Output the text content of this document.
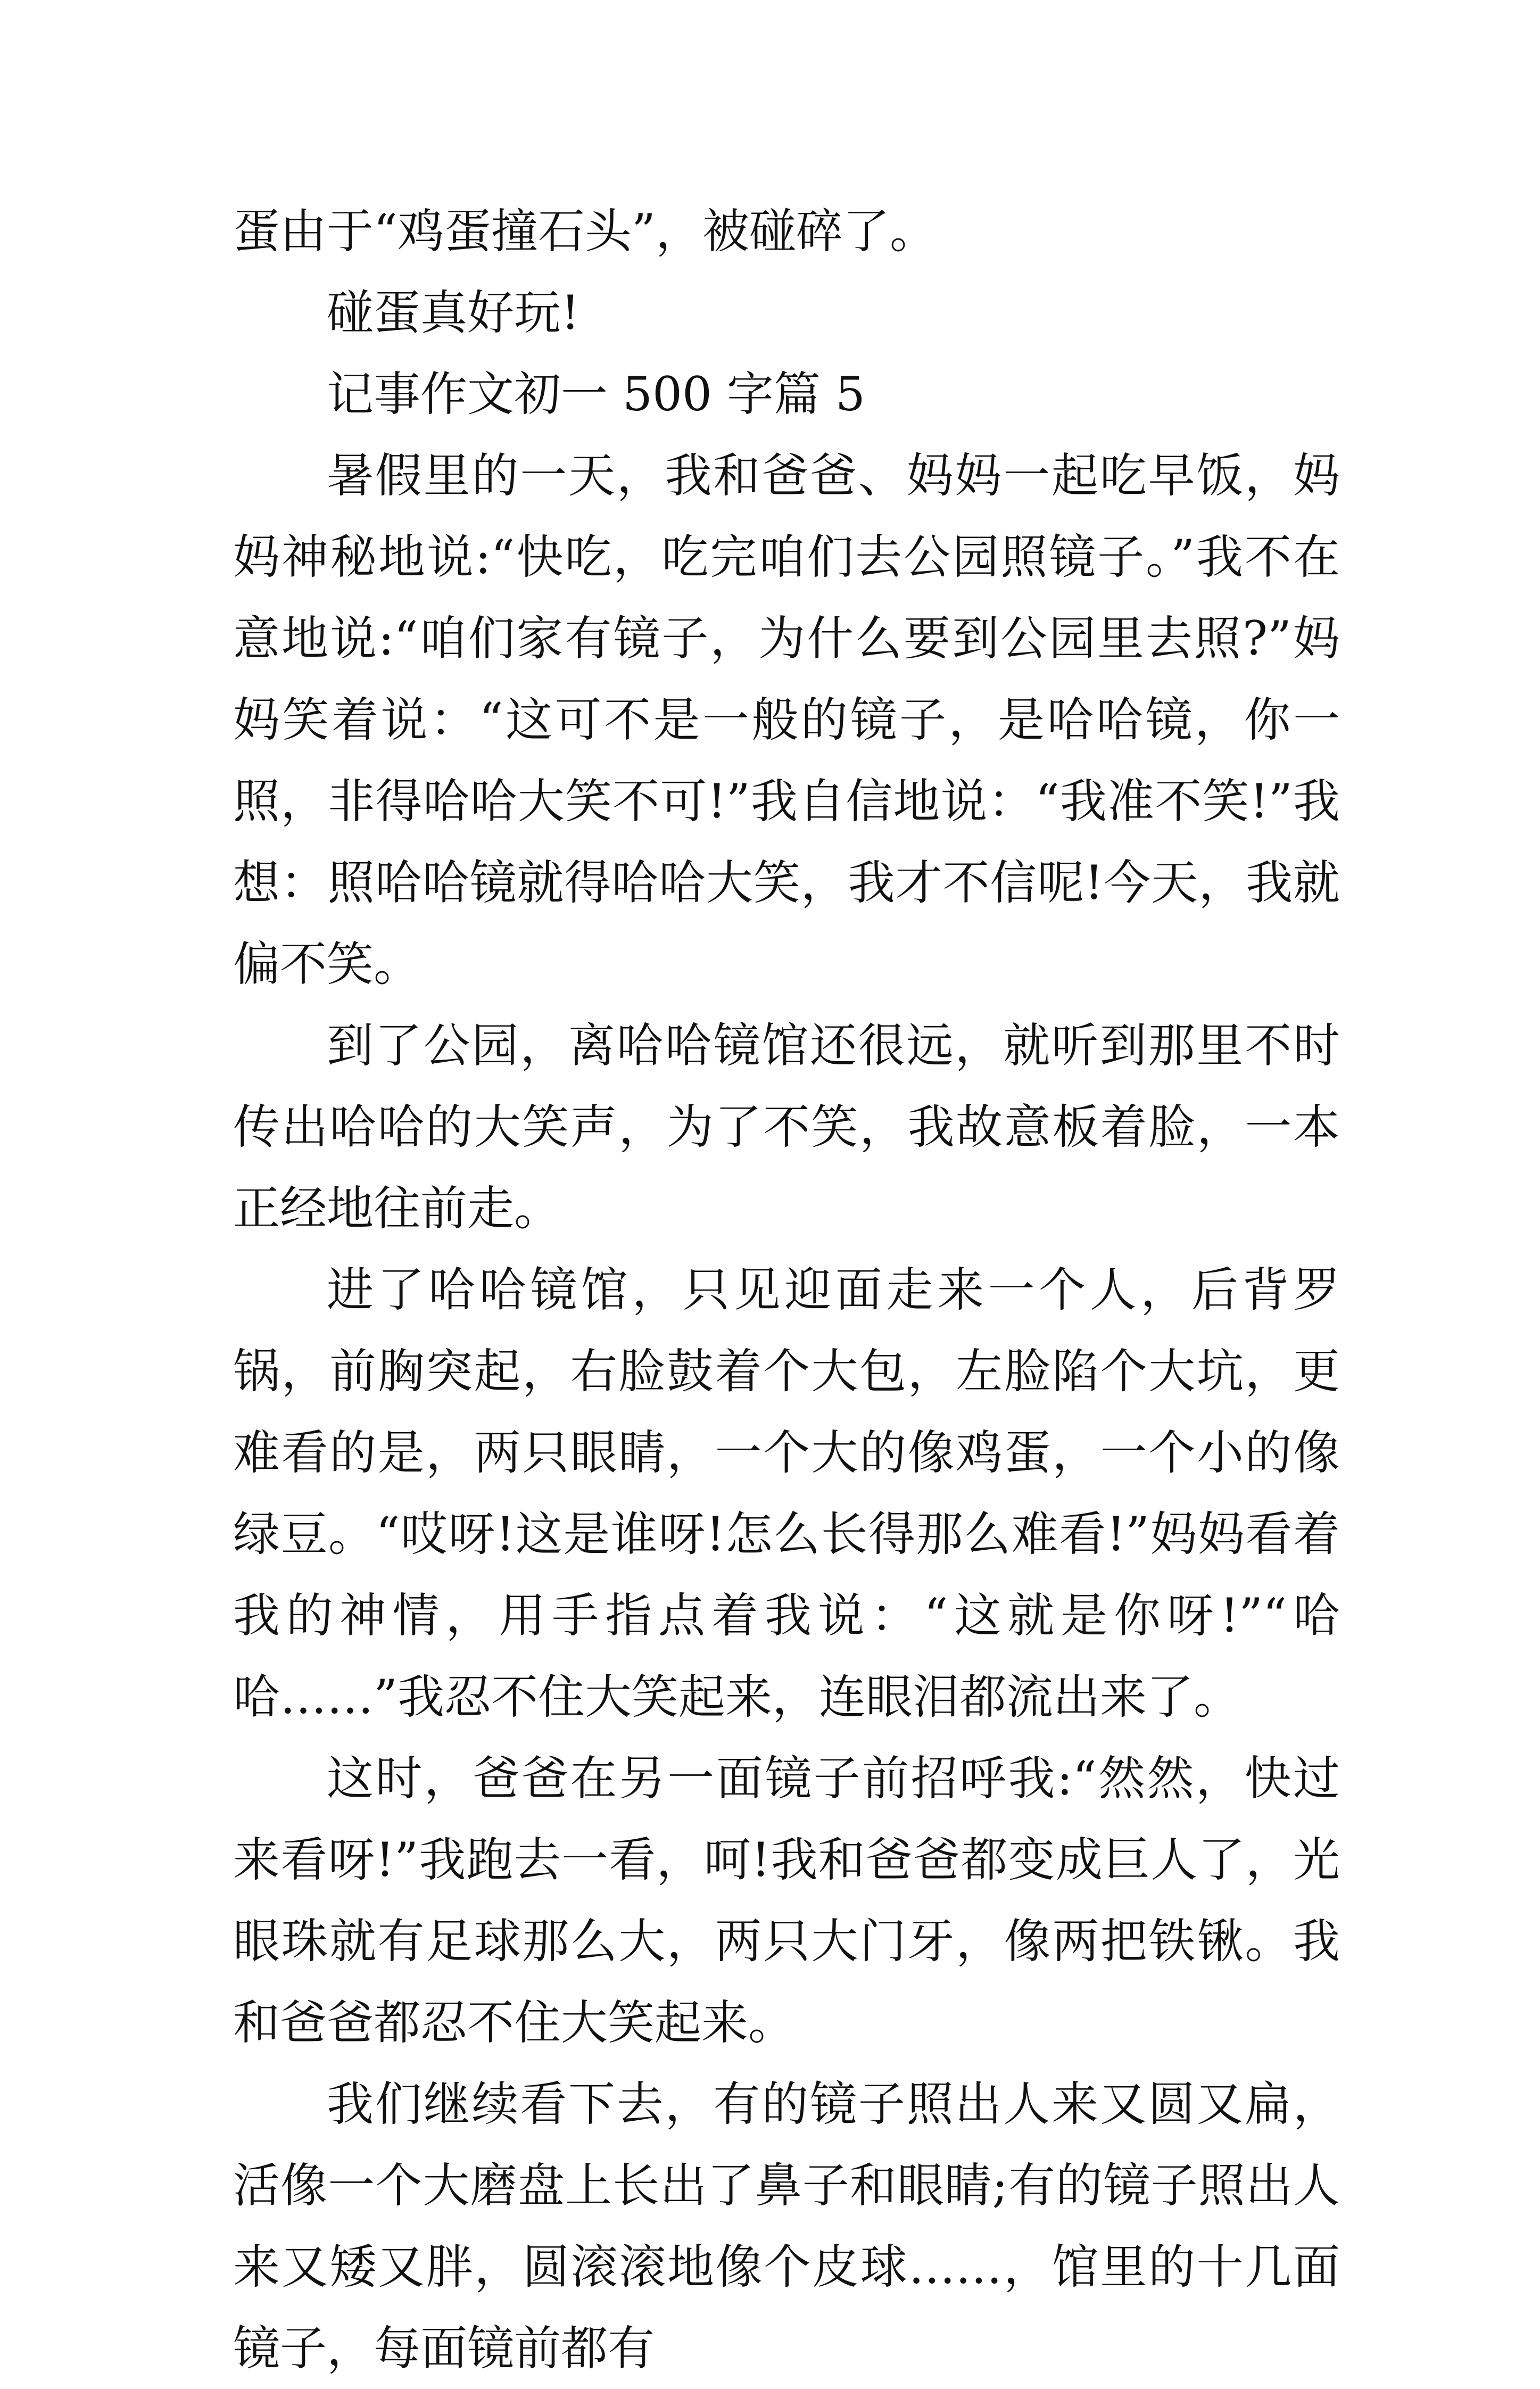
蛋由于“鸡蛋撞石头”，被碰碎了。

碰蛋真好玩!

记事作文初一 500 字篇 5

暑假里的一天，我和爸爸、妈妈一起吃早饭，妈妈神秘地说:“快吃，吃完咱们去公园照镜子。”我不在意地说:“咱们家有镜子，为什么要到公园里去照?”妈妈笑着说：“这可不是一般的镜子，是哈哈镜，你一照，非得哈哈大笑不可!”我自信地说：“我准不笑!”我想：照哈哈镜就得哈哈大笑，我才不信呢!今天，我就偏不笑。

到了公园，离哈哈镜馆还很远，就听到那里不时传出哈哈的大笑声，为了不笑，我故意板着脸，一本正经地往前走。

进了哈哈镜馆，只见迎面走来一个人，后背罗锅，前胸突起，右脸鼓着个大包，左脸陷个大坑，更难看的是，两只眼睛，一个大的像鸡蛋，一个小的像绿豆。“哎呀!这是谁呀!怎么长得那么难看!”妈妈看着我的神情，用手指点着我说：“这就是你呀!”“哈哈……”我忍不住大笑起来，连眼泪都流出来了。

这时，爸爸在另一面镜子前招呼我:“然然，快过来看呀!”我跑去一看，呵!我和爸爸都变成巨人了，光眼珠就有足球那么大，两只大门牙，像两把铁锹。我和爸爸都忍不住大笑起来。

我们继续看下去，有的镜子照出人来又圆又扁，活像一个大磨盘上长出了鼻子和眼睛;有的镜子照出人来又矮又胖，圆滚滚地像个皮球……，馆里的十几面镜子，每面镜前都有
